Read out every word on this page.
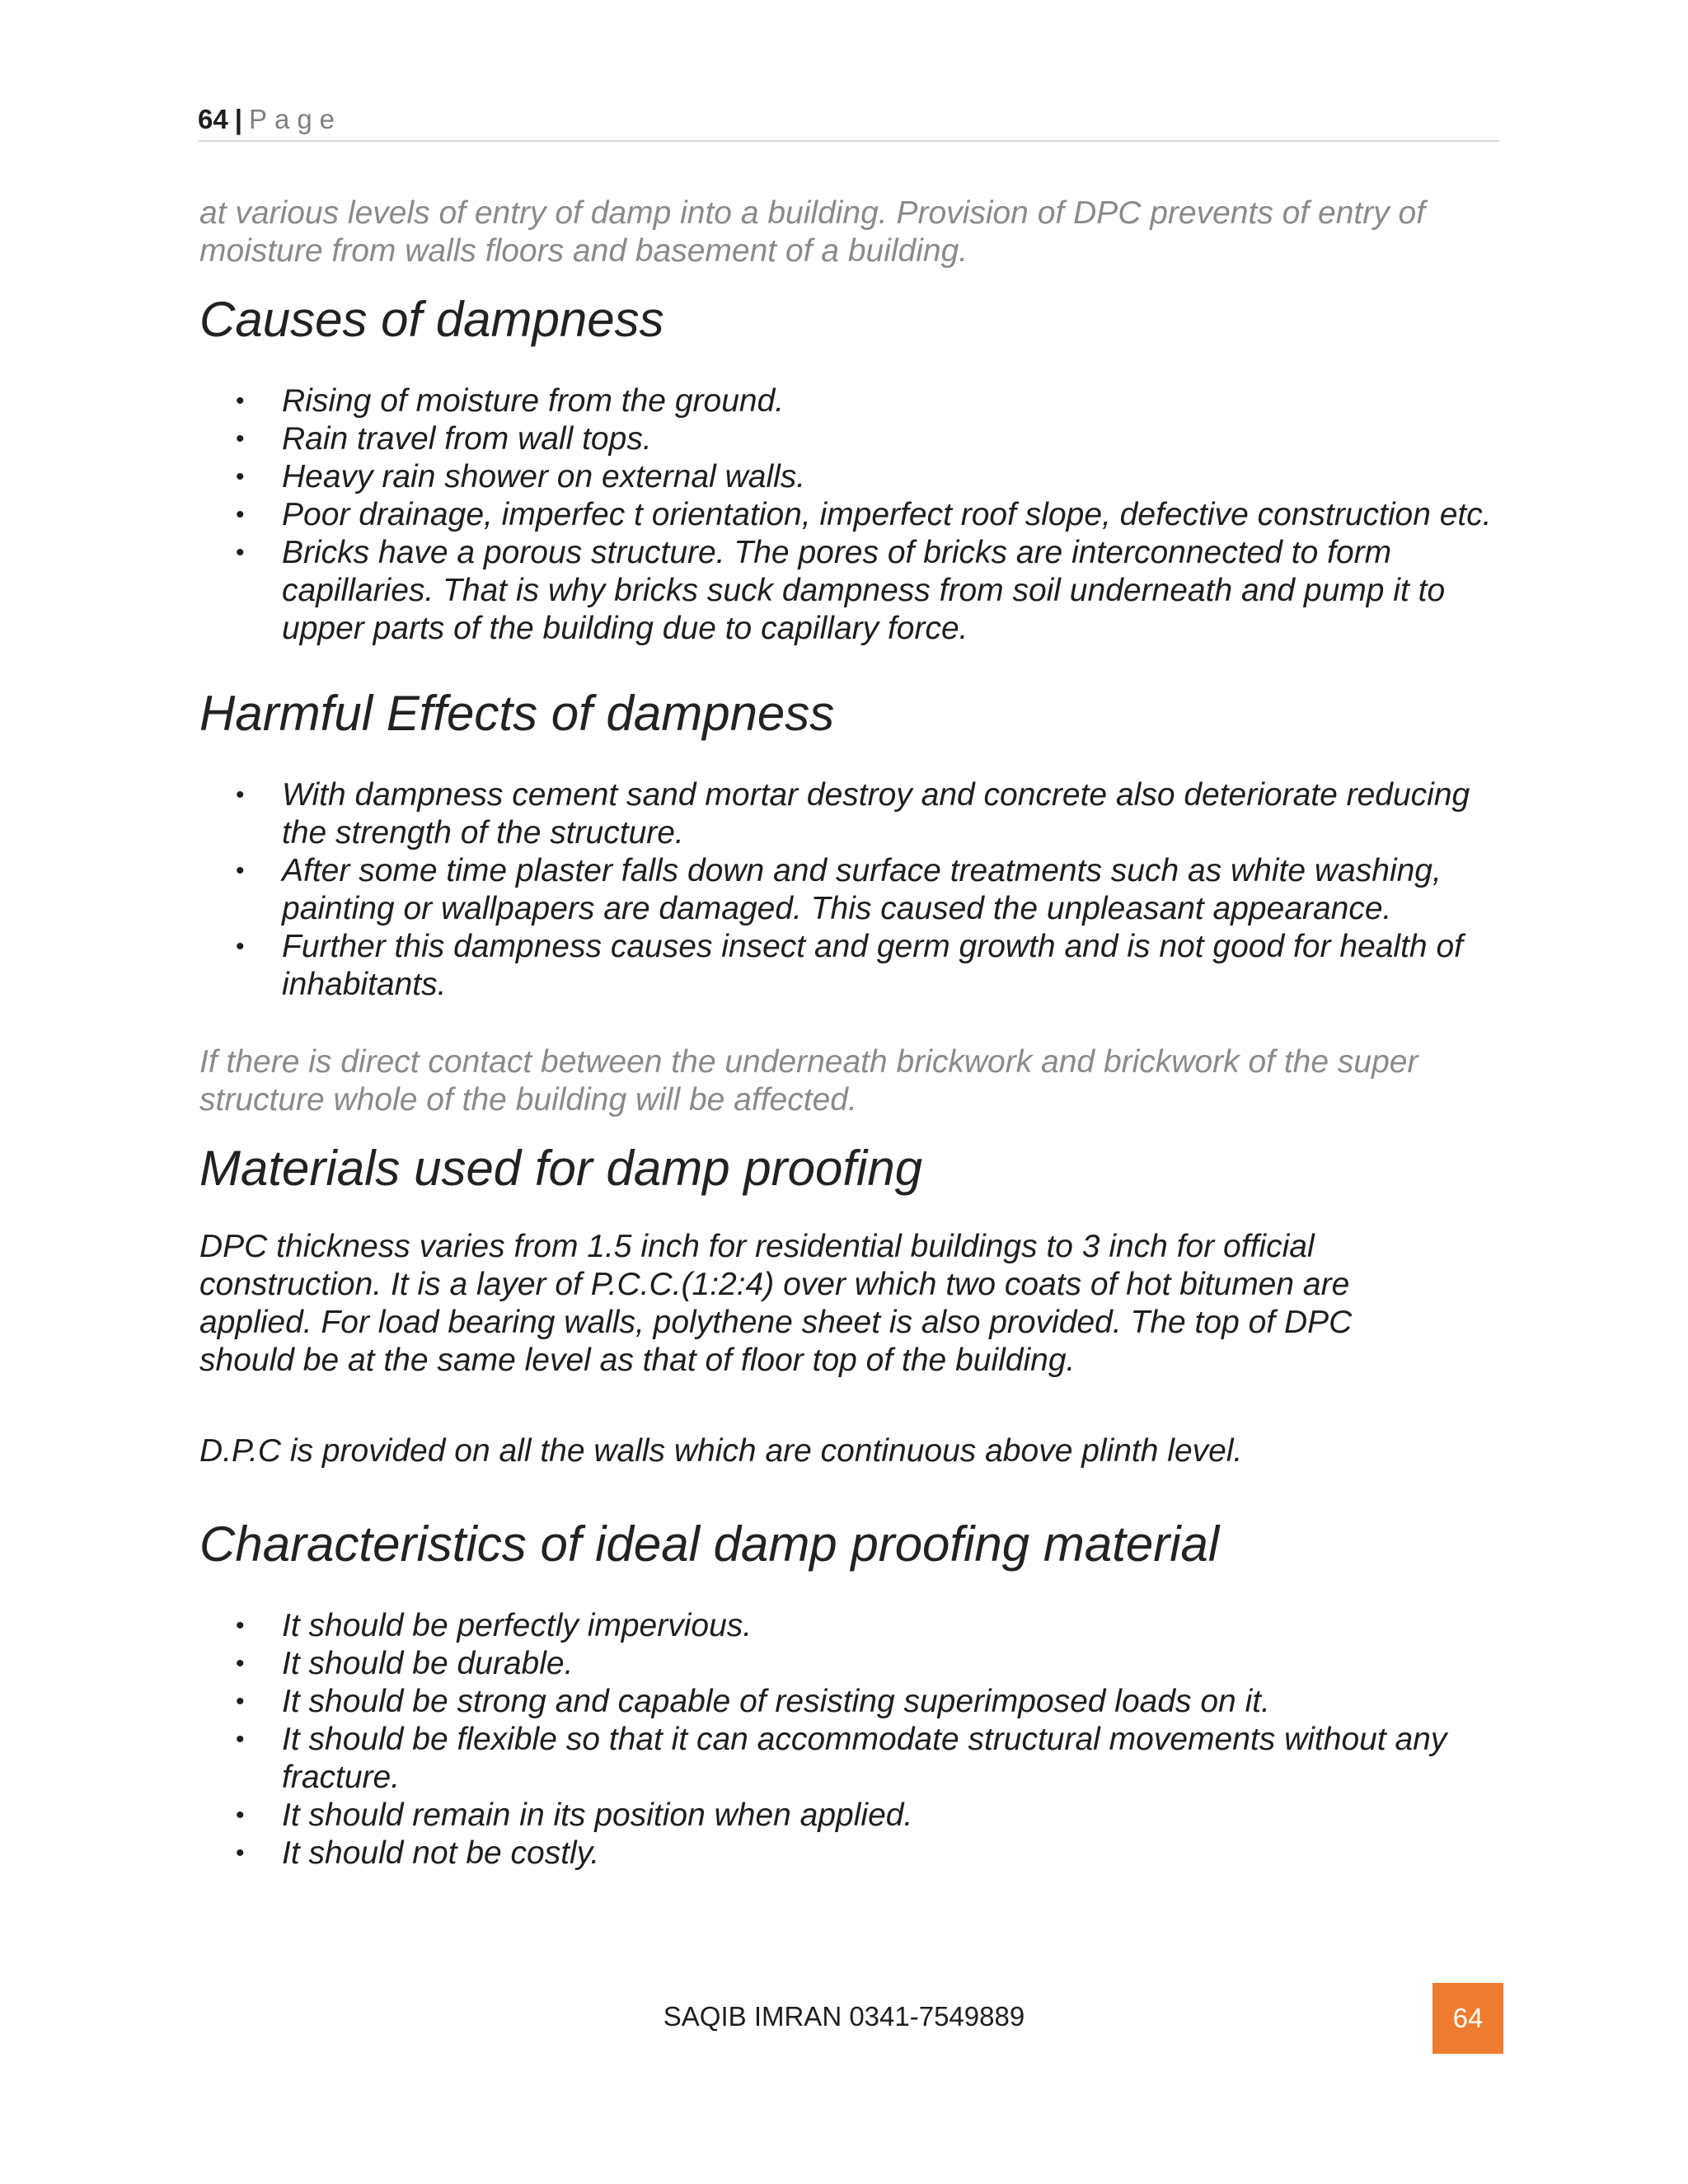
64 | Page

at various levels of entry of damp into a building. Provision of DPC prevents of entry of moisture from walls floors and basement of a building.

Causes of dampness
• Rising of moisture from the ground.
• Rain travel from wall tops.
• Heavy rain shower on external walls.
• Poor drainage, imperfec t orientation, imperfect roof slope, defective construction etc.
• Bricks have a porous structure. The pores of bricks are interconnected to form capillaries. That is why bricks suck dampness from soil underneath and pump it to upper parts of the building due to capillary force.
Harmful Effects of dampness
• With dampness cement sand mortar destroy and concrete also deteriorate reducing the strength of the structure.
• After some time plaster falls down and surface treatments such as white washing, painting or wallpapers are damaged. This caused the unpleasant appearance.
• Further this dampness causes insect and germ growth and is not good for health of inhabitants.

If there is direct contact between the underneath brickwork and brickwork of the super structure whole of the building will be affected.

Materials used for damp proofing

DPC thickness varies from 1.5 inch for residential buildings to 3 inch for official construction. It is a layer of P.C.C.(1:2:4) over which two coats of hot bitumen are applied. For load bearing walls, polythene sheet is also provided. The top of DPC should be at the same level as that of floor top of the building.

D.P.C is provided on all the walls which are continuous above plinth level.

Characteristics of ideal damp proofing material
• It should be perfectly impervious.
• It should be durable.
• It should be strong and capable of resisting superimposed loads on it.
• It should be flexible so that it can accommodate structural movements without any fracture.
• It should remain in its position when applied.
• It should not be costly.
SAQIB IMRAN 0341-7549889	64
